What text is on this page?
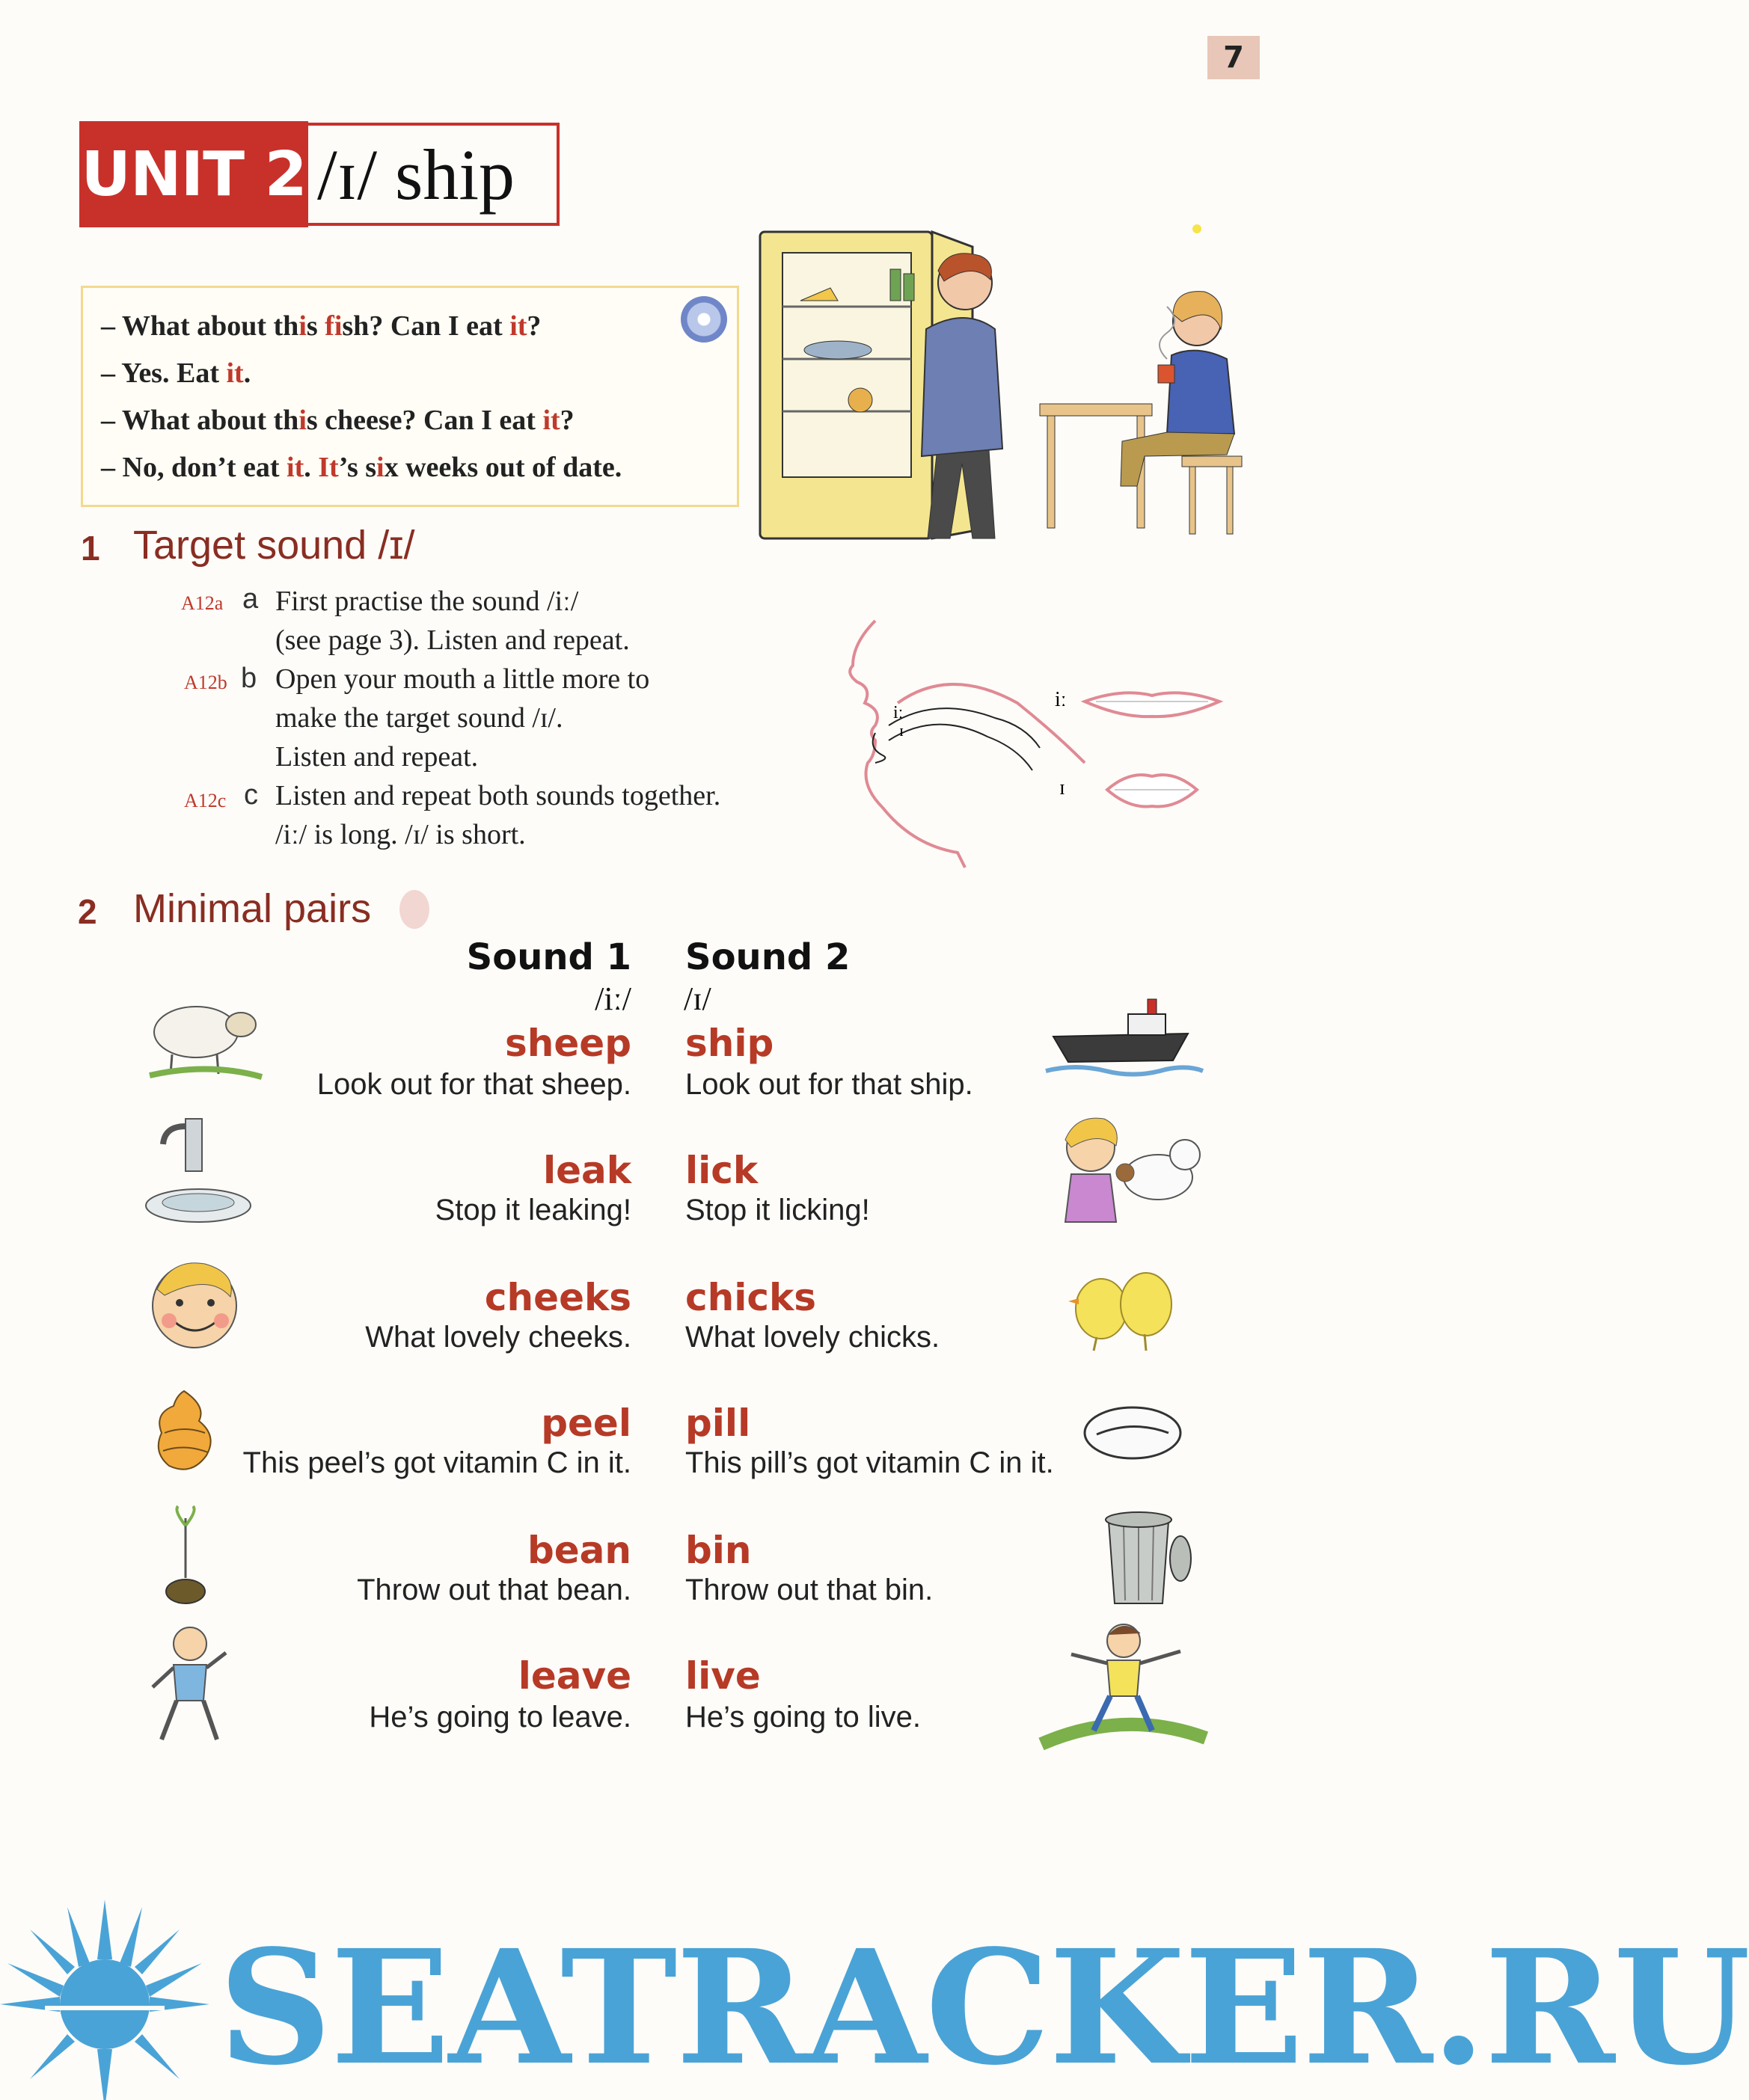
7
UNIT 2 /ɪ/ ship
– What about this fish? Can I eat it?
– Yes. Eat it.
– What about this cheese? Can I eat it?
– No, don’t eat it. It’s six weeks out of date.
1 Target sound /ɪ/
A12a a First practise the sound /iː/
(see page 3). Listen and repeat.
A12b b Open your mouth a little more to
make the target sound /ɪ/.
Listen and repeat.
A12c c Listen and repeat both sounds together.
/iː/ is long. /ɪ/ is short.
iː
ɪ
iː
ɪ
2 Minimal pairs
Sound 1 Sound 2
/iː/ /ɪ/
sheep
Look out for that sheep.
ship
Look out for that ship.
leak
Stop it leaking!
lick
Stop it licking!
cheeks
What lovely cheeks.
chicks
What lovely chicks.
peel
This peel’s got vitamin C in it.
pill
This pill’s got vitamin C in it.
bean
Throw out that bean.
bin
Throw out that bin.
leave
He’s going to leave.
live
He’s going to live.
SEATRACKER.RU
